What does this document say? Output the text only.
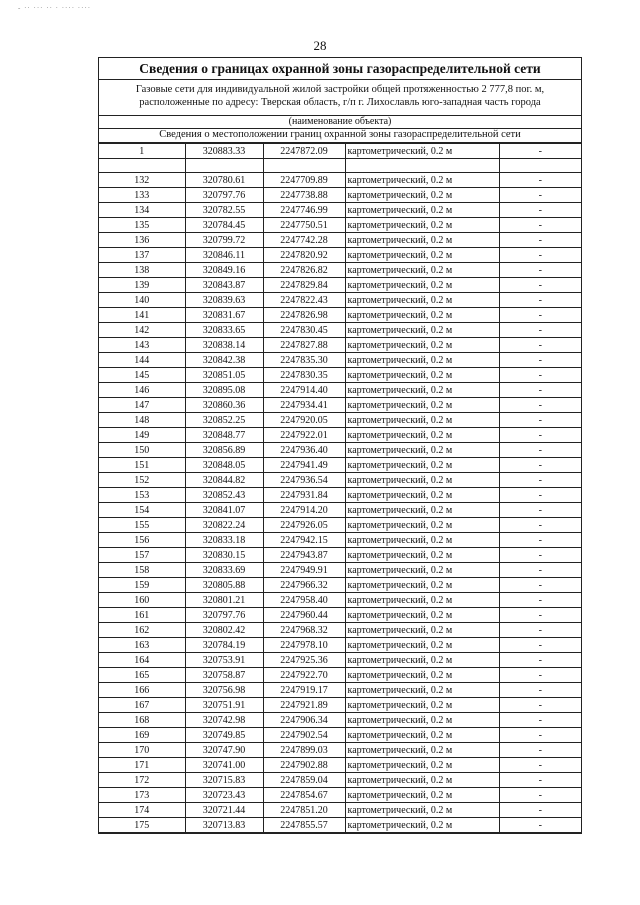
- ·· ··· ·· · ···· ····
28
Сведения о границах охранной зоны газораспределительной сети
Газовые сети для индивидуальной жилой застройки общей протяженностью 2 777,8 пог. м,
расположенные по адресу: Тверская область, г/п г. Лихославль юго-западная часть города
(наименование объекта)
Сведения о местоположении границ охранной зоны газораспределительной сети
1	320883.33	2247872.09	картометрический, 0.2 м	-

132	320780.61	2247709.89	картометрический, 0.2 м	-
133	320797.76	2247738.88	картометрический, 0.2 м	-
134	320782.55	2247746.99	картометрический, 0.2 м	-
135	320784.45	2247750.51	картометрический, 0.2 м	-
136	320799.72	2247742.28	картометрический, 0.2 м	-
137	320846.11	2247820.92	картометрический, 0.2 м	-
138	320849.16	2247826.82	картометрический, 0.2 м	-
139	320843.87	2247829.84	картометрический, 0.2 м	-
140	320839.63	2247822.43	картометрический, 0.2 м	-
141	320831.67	2247826.98	картометрический, 0.2 м	-
142	320833.65	2247830.45	картометрический, 0.2 м	-
143	320838.14	2247827.88	картометрический, 0.2 м	-
144	320842.38	2247835.30	картометрический, 0.2 м	-
145	320851.05	2247830.35	картометрический, 0.2 м	-
146	320895.08	2247914.40	картометрический, 0.2 м	-
147	320860.36	2247934.41	картометрический, 0.2 м	-
148	320852.25	2247920.05	картометрический, 0.2 м	-
149	320848.77	2247922.01	картометрический, 0.2 м	-
150	320856.89	2247936.40	картометрический, 0.2 м	-
151	320848.05	2247941.49	картометрический, 0.2 м	-
152	320844.82	2247936.54	картометрический, 0.2 м	-
153	320852.43	2247931.84	картометрический, 0.2 м	-
154	320841.07	2247914.20	картометрический, 0.2 м	-
155	320822.24	2247926.05	картометрический, 0.2 м	-
156	320833.18	2247942.15	картометрический, 0.2 м	-
157	320830.15	2247943.87	картометрический, 0.2 м	-
158	320833.69	2247949.91	картометрический, 0.2 м	-
159	320805.88	2247966.32	картометрический, 0.2 м	-
160	320801.21	2247958.40	картометрический, 0.2 м	-
161	320797.76	2247960.44	картометрический, 0.2 м	-
162	320802.42	2247968.32	картометрический, 0.2 м	-
163	320784.19	2247978.10	картометрический, 0.2 м	-
164	320753.91	2247925.36	картометрический, 0.2 м	-
165	320758.87	2247922.70	картометрический, 0.2 м	-
166	320756.98	2247919.17	картометрический, 0.2 м	-
167	320751.91	2247921.89	картометрический, 0.2 м	-
168	320742.98	2247906.34	картометрический, 0.2 м	-
169	320749.85	2247902.54	картометрический, 0.2 м	-
170	320747.90	2247899.03	картометрический, 0.2 м	-
171	320741.00	2247902.88	картометрический, 0.2 м	-
172	320715.83	2247859.04	картометрический, 0.2 м	-
173	320723.43	2247854.67	картометрический, 0.2 м	-
174	320721.44	2247851.20	картометрический, 0.2 м	-
175	320713.83	2247855.57	картометрический, 0.2 м	-
